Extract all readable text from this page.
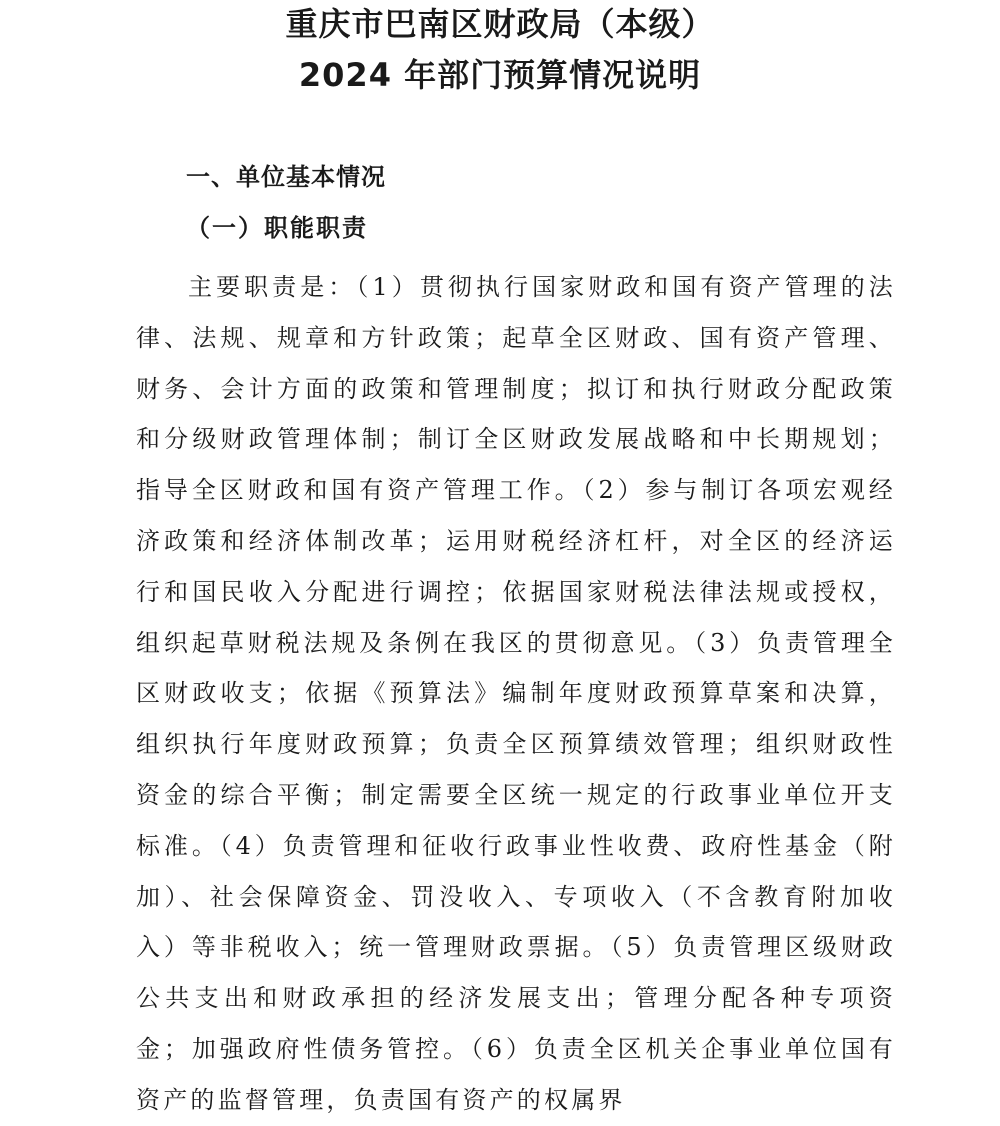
重庆市巴南区财政局（本级）
2024 年部门预算情况说明
一、单位基本情况
（一）职能职责

主要职责是：（1）贯彻执行国家财政和国有资产管理的法律、法规、规章和方针政策；起草全区财政、国有资产管理、财务、会计方面的政策和管理制度；拟订和执行财政分配政策和分级财政管理体制；制订全区财政发展战略和中长期规划；指导全区财政和国有资产管理工作。（2）参与制订各项宏观经济政策和经济体制改革；运用财税经济杠杆，对全区的经济运行和国民收入分配进行调控；依据国家财税法律法规或授权，组织起草财税法规及条例在我区的贯彻意见。（3）负责管理全区财政收支；依据《预算法》编制年度财政预算草案和决算，组织执行年度财政预算；负责全区预算绩效管理；组织财政性资金的综合平衡；制定需要全区统一规定的行政事业单位开支标准。（4）负责管理和征收行政事业性收费、政府性基金（附加）、社会保障资金、罚没收入、专项收入（不含教育附加收入）等非税收入；统一管理财政票据。（5）负责管理区级财政公共支出和财政承担的经济发展支出；管理分配各种专项资金；加强政府性债务管控。（6）负责全区机关企事业单位国有资产的监督管理，负责国有资产的权属界
